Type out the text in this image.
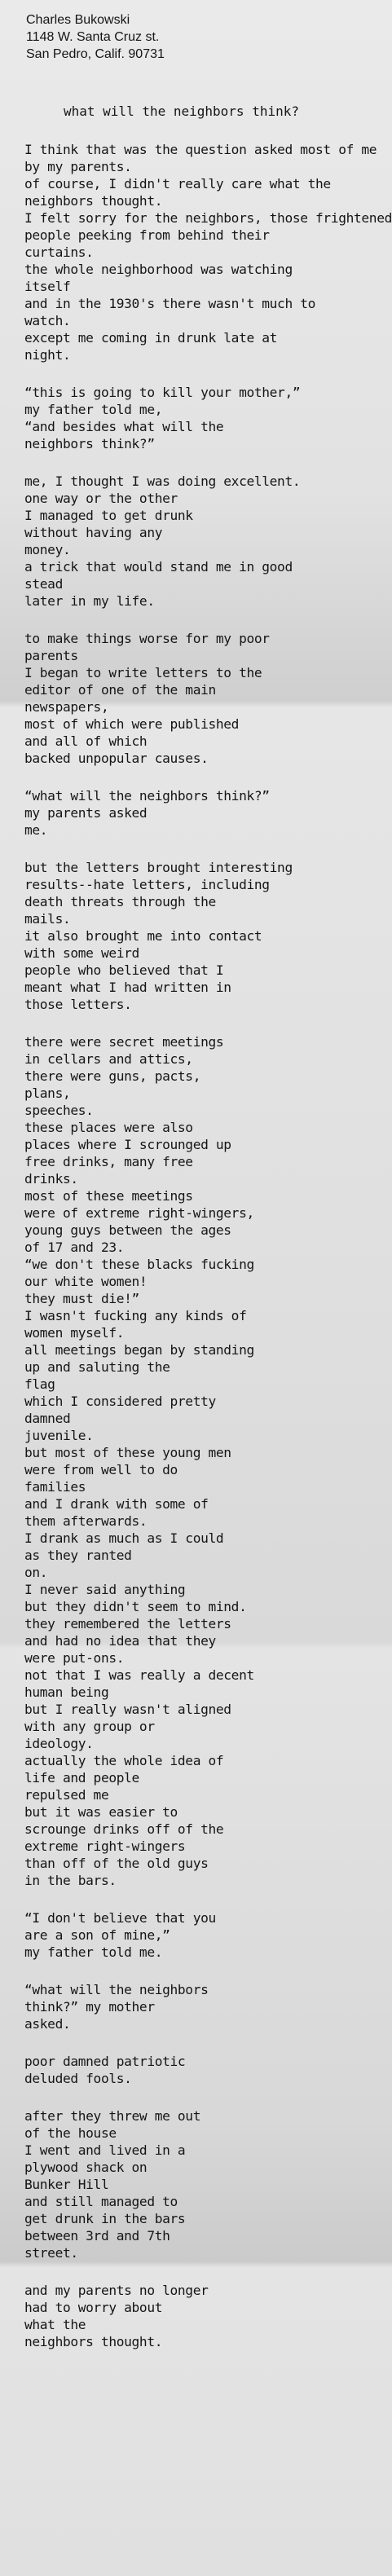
Charles Bukowski
1148 W. Santa Cruz st.
San Pedro, Calif. 90731
what will the neighbors think?
I think that was the question asked most of me
by my parents.
of course, I didn't really care what the
neighbors thought.
I felt sorry for the neighbors, those frightened
people peeking from behind their
curtains.
the whole neighborhood was watching
itself
and in the 1930's there wasn't much to
watch.
except me coming in drunk late at
night.
“this is going to kill your mother,”
my father told me,
“and besides what will the
neighbors think?”
me, I thought I was doing excellent.
one way or the other
I managed to get drunk
without having any
money.
a trick that would stand me in good
stead
later in my life.
to make things worse for my poor
parents
I began to write letters to the
editor of one of the main
newspapers,
most of which were published
and all of which
backed unpopular causes.
“what will the neighbors think?”
my parents asked
me.
but the letters brought interesting
results--hate letters, including
death threats through the
mails.
it also brought me into contact
with some weird
people who believed that I
meant what I had written in
those letters.
there were secret meetings
in cellars and attics,
there were guns, pacts,
plans,
speeches.
these places were also
places where I scrounged up
free drinks, many free
drinks.
most of these meetings
were of extreme right-wingers,
young guys between the ages
of 17 and 23.
“we don't these blacks fucking
our white women!
they must die!”
I wasn't fucking any kinds of
women myself.
all meetings began by standing
up and saluting the
flag
which I considered pretty
damned
juvenile.
but most of these young men
were from well to do
families
and I drank with some of
them afterwards.
I drank as much as I could
as they ranted
on.
I never said anything
but they didn't seem to mind.
they remembered the letters
and had no idea that they
were put-ons.
not that I was really a decent
human being
but I really wasn't aligned
with any group or
ideology.
actually the whole idea of
life and people
repulsed me
but it was easier to
scrounge drinks off of the
extreme right-wingers
than off of the old guys
in the bars.
“I don't believe that you
are a son of mine,”
my father told me.
“what will the neighbors
think?” my mother
asked.
poor damned patriotic
deluded fools.
after they threw me out
of the house
I went and lived in a
plywood shack on
Bunker Hill
and still managed to
get drunk in the bars
between 3rd and 7th
street.
and my parents no longer
had to worry about
what the
neighbors thought.
